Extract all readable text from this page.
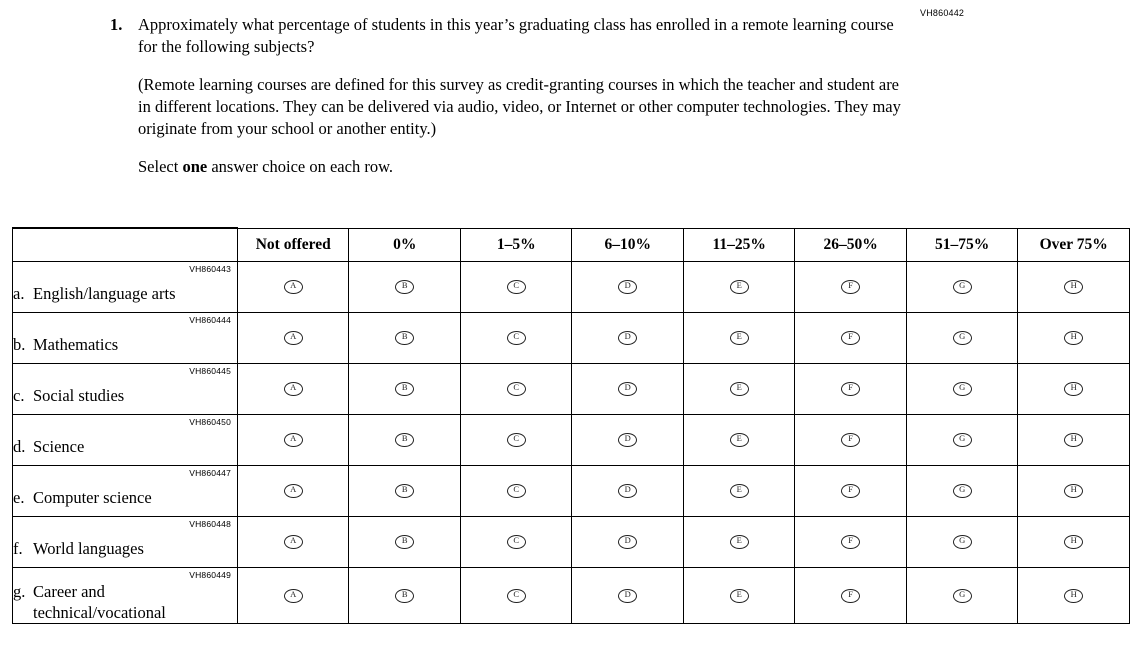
VH860442
1. Approximately what percentage of students in this year’s graduating class has enrolled in a remote learning course for the following subjects?
(Remote learning courses are defined for this survey as credit-granting courses in which the teacher and student are in different locations. They can be delivered via audio, video, or Internet or other computer technologies. They may originate from your school or another entity.)
Select one answer choice on each row.
	Not offered	0%	1–5%	6–10%	11–25%	26–50%	51–75%	Over 75%

VH860443
a. English/language arts	A	B	C	D	E	F	G	H

VH860444
b. Mathematics	A	B	C	D	E	F	G	H

VH860445
c. Social studies	A	B	C	D	E	F	G	H

VH860450
d. Science	A	B	C	D	E	F	G	H

VH860447
e. Computer science	A	B	C	D	E	F	G	H

VH860448
f. World languages	A	B	C	D	E	F	G	H

VH860449
g. Career and technical/vocational	A	B	C	D	E	F	G	H
